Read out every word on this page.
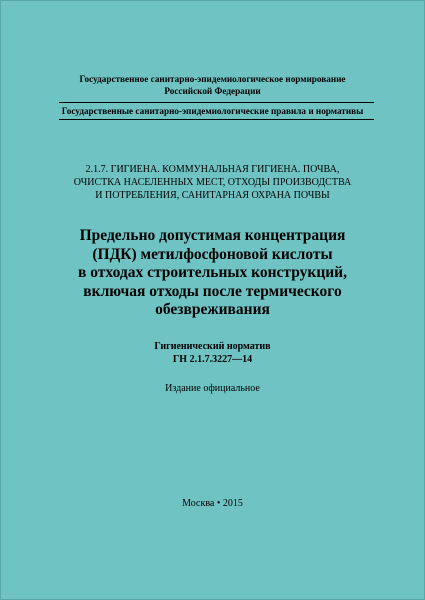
Государственное санитарно-эпидемиологическое нормирование
Российской Федерации
Государственные санитарно-эпидемиологические правила и нормативы
2.1.7. ГИГИЕНА. КОММУНАЛЬНАЯ ГИГИЕНА. ПОЧВА,
ОЧИСТКА НАСЕЛЕННЫХ МЕСТ, ОТХОДЫ ПРОИЗВОДСТВА
И ПОТРЕБЛЕНИЯ, САНИТАРНАЯ ОХРАНА ПОЧВЫ
Предельно допустимая концентрация
(ПДК) метилфосфоновой кислоты
в отходах строительных конструкций,
включая отходы после термического
обезвреживания
Гигиенический норматив
ГН 2.1.7.3227—14
Издание официальное
Москва • 2015
